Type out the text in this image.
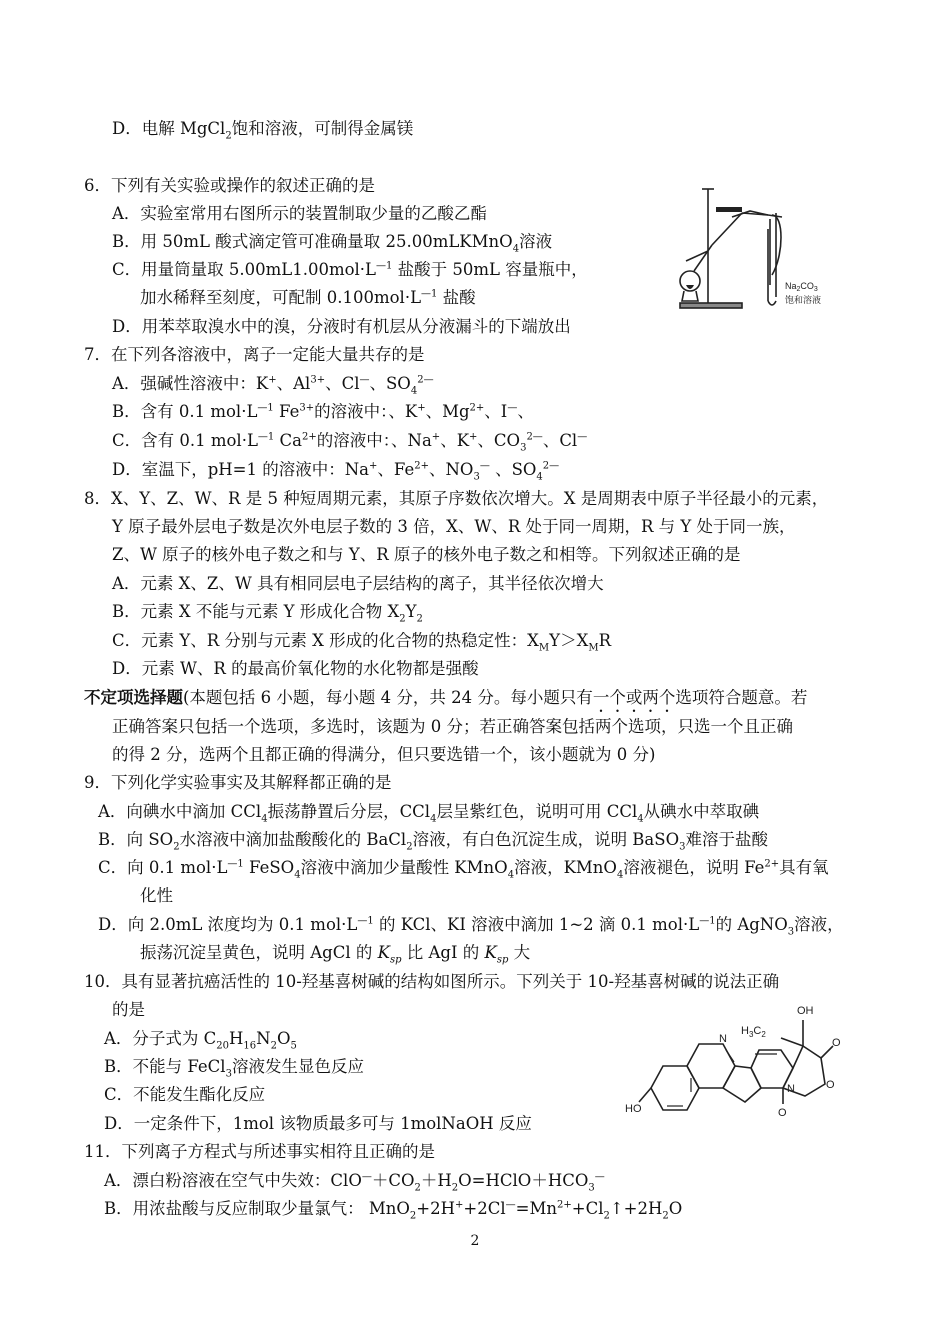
D．电解 MgCl$_2$饱和溶液，可制得金属镁
6．下列有关实验或操作的叙述正确的是
A．实验室常用右图所示的装置制取少量的乙酸乙酯
B．用 50mL 酸式滴定管可准确量取 25.00mLKMnO$_4$溶液
C．用量筒量取 $5.00mL1.00mol\cdot L^{—1}$ 盐酸于 50mL 容量瓶中，
加水稀释至刻度，可配制 $0.100mol\cdot L^{—1}$ 盐酸
D．用苯萃取溴水中的溴，分液时有机层从分液漏斗的下端放出
$Na_2CO_3$
饱和溶液
7．在下列各溶液中，离子一定能大量共存的是
A．强碱性溶液中：K+、$Al^{3+}$、Cl—、$SO_4^{2—}$
B．含有 0.1 $mol\cdot L^{—1}$ $Fe^{3+}$的溶液中：、K+、$Mg^{2+}$、I—、
C．含有 0.1 $mol\cdot L^{—1}$ $Ca^{2+}$的溶液中：、Na+、K+、$CO_3^{2—}$、Cl—
D．室温下，pH=1 的溶液中：Na+、$Fe^{2+}$、$NO_3^—$ 、$SO_4^{2—}$
8．X、Y、Z、W、R 是 5 种短周期元素，其原子序数依次增大。X 是周期表中原子半径最小的元素，
Y 原子最外层电子数是次外电层子数的 3 倍，X、W、R 处于同一周期，R 与 Y 处于同一族，
Z、W 原子的核外电子数之和与 Y、R 原子的核外电子数之和相等。下列叙述正确的是
A．元素 X、Z、W 具有相同层电子层结构的离子，其半径依次增大
B．元素 X 不能与元素 Y 形成化合物 $X_2Y_2$
C．元素 Y、R 分别与元素 X 形成的化合物的热稳定性：$X_MY>X_MR$
D．元素 W、R 的最高价氧化物的水化物都是强酸
不定项选择题(本题包括 6 小题，每小题 4 分，共 24 分。每小题只有一个或两个选项符合题意。若
正确答案只包括一个选项，多选时，该题为 0 分；若正确答案包括两个选项，只选一个且正确
的得 2 分，选两个且都正确的得满分，但只要选错一个，该小题就为 0 分)
9．下列化学实验事实及其解释都正确的是
A．向碘水中滴加 CCl$_4$振荡静置后分层，CCl$_4$层呈紫红色，说明可用 CCl$_4$从碘水中萃取碘
B．向 $SO_2$水溶液中滴加盐酸酸化的 BaCl$_2$溶液，有白色沉淀生成，说明 BaSO$_3$难溶于盐酸
C．向 0.1 $mol\cdot L^{—1}$ FeSO$_4$溶液中滴加少量酸性 KMnO$_4$溶液，KMnO$_4$溶液褪色，说明 $Fe^{2+}$具有氧
化性
D．向 2.0mL 浓度均为 0.1 $mol\cdot L^{—1}$ 的 KCl、KI 溶液中滴加 1~2 滴 0.1 $mol\cdot L^{—1}$的 AgNO$_3$溶液，
振荡沉淀呈黄色，说明 AgCl 的 $K_{sp}$ 比 AgI 的 $K_{sp}$ 大
10．具有显著抗癌活性的 10-羟基喜树碱的结构如图所示。下列关于 10-羟基喜树碱的说法正确
的是
A．分子式为 $C_{20}H_{16}N_2O_5$
B．不能与 FeCl$_3$溶液发生显色反应
C．不能发生酯化反应
D．一定条件下，1mol 该物质最多可与 1molNaOH 反应
OH
$H_3C_2$
N
N	O
O
O
HO
11．下列离子方程式与所述事实相符且正确的是
A．漂白粉溶液在空气中失效：$ClO^—+CO_2+H_2O=HClO+HCO_3^—$
B．用浓盐酸与反应制取少量氯气： $MnO_2+2H^++2Cl^—=Mn^{2+}+Cl_2↑+2H_2O$
2
